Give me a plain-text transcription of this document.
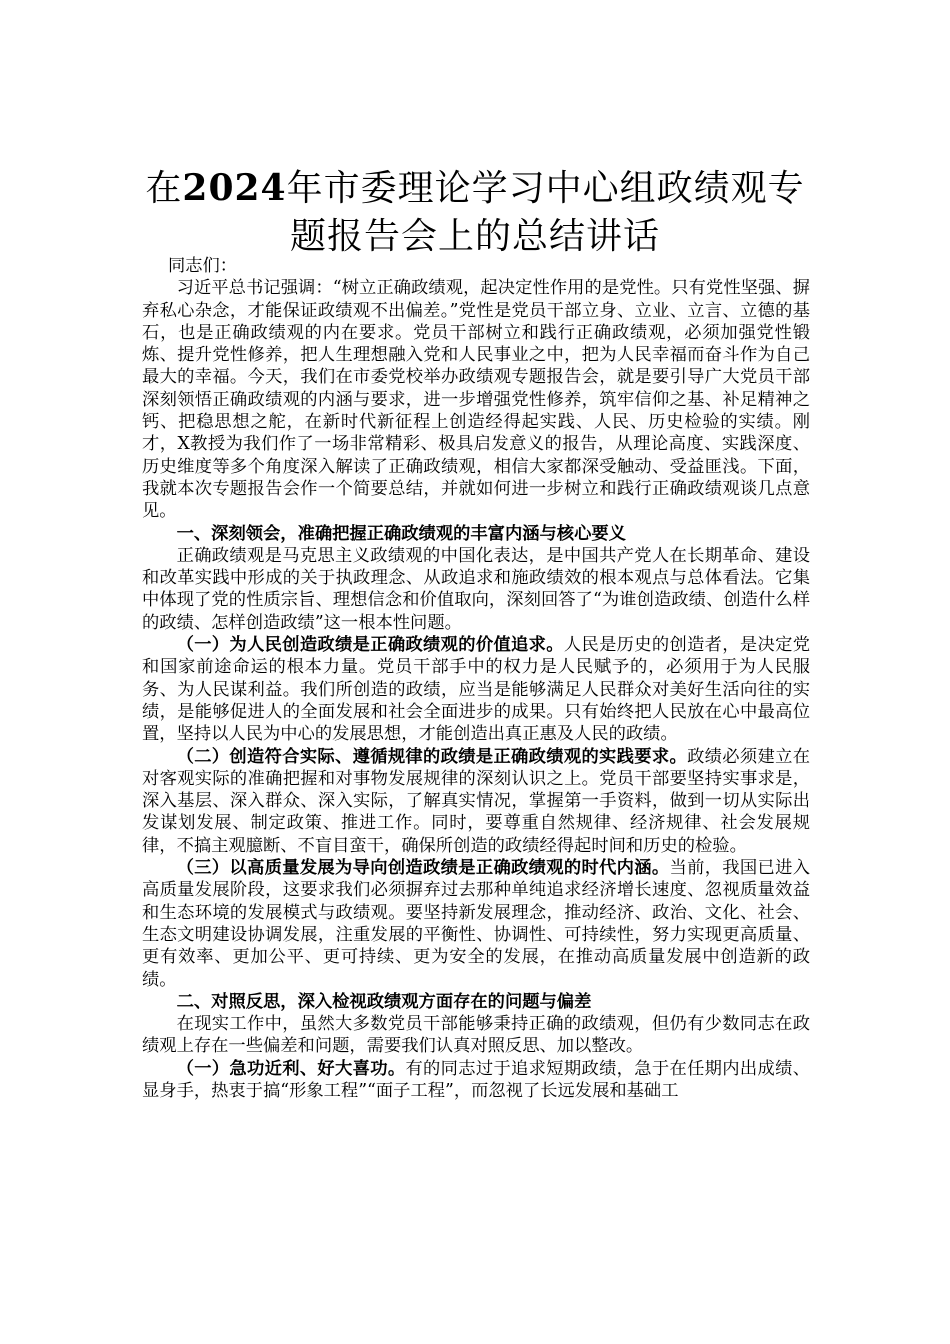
在2024年市委理论学习中心组政绩观专题报告会上的总结讲话

同志们：

习近平总书记强调：“树立正确政绩观，起决定性作用的是党性。只有党性坚强、摒弃私心杂念，才能保证政绩观不出偏差。”党性是党员干部立身、立业、立言、立德的基石，也是正确政绩观的内在要求。党员干部树立和践行正确政绩观，必须加强党性锻炼、提升党性修养，把人生理想融入党和人民事业之中，把为人民幸福而奋斗作为自己最大的幸福。今天，我们在市委党校举办政绩观专题报告会，就是要引导广大党员干部深刻领悟正确政绩观的内涵与要求，进一步增强党性修养，筑牢信仰之基、补足精神之钙、把稳思想之舵，在新时代新征程上创造经得起实践、人民、历史检验的实绩。刚才，X教授为我们作了一场非常精彩、极具启发意义的报告，从理论高度、实践深度、历史维度等多个角度深入解读了正确政绩观，相信大家都深受触动、受益匪浅。下面，我就本次专题报告会作一个简要总结，并就如何进一步树立和践行正确政绩观谈几点意见。

一、深刻领会，准确把握正确政绩观的丰富内涵与核心要义

正确政绩观是马克思主义政绩观的中国化表达，是中国共产党人在长期革命、建设和改革实践中形成的关于执政理念、从政追求和施政绩效的根本观点与总体看法。它集中体现了党的性质宗旨、理想信念和价值取向，深刻回答了“为谁创造政绩、创造什么样的政绩、怎样创造政绩”这一根本性问题。

（一）为人民创造政绩是正确政绩观的价值追求。人民是历史的创造者，是决定党和国家前途命运的根本力量。党员干部手中的权力是人民赋予的，必须用于为人民服务、为人民谋利益。我们所创造的政绩，应当是能够满足人民群众对美好生活向往的实绩，是能够促进人的全面发展和社会全面进步的成果。只有始终把人民放在心中最高位置，坚持以人民为中心的发展思想，才能创造出真正惠及人民的政绩。

（二）创造符合实际、遵循规律的政绩是正确政绩观的实践要求。政绩必须建立在对客观实际的准确把握和对事物发展规律的深刻认识之上。党员干部要坚持实事求是，深入基层、深入群众、深入实际，了解真实情况，掌握第一手资料，做到一切从实际出发谋划发展、制定政策、推进工作。同时，要尊重自然规律、经济规律、社会发展规律，不搞主观臆断、不盲目蛮干，确保所创造的政绩经得起时间和历史的检验。

（三）以高质量发展为导向创造政绩是正确政绩观的时代内涵。当前，我国已进入高质量发展阶段，这要求我们必须摒弃过去那种单纯追求经济增长速度、忽视质量效益和生态环境的发展模式与政绩观。要坚持新发展理念，推动经济、政治、文化、社会、生态文明建设协调发展，注重发展的平衡性、协调性、可持续性，努力实现更高质量、更有效率、更加公平、更可持续、更为安全的发展，在推动高质量发展中创造新的政绩。

二、对照反思，深入检视政绩观方面存在的问题与偏差

在现实工作中，虽然大多数党员干部能够秉持正确的政绩观，但仍有少数同志在政绩观上存在一些偏差和问题，需要我们认真对照反思、加以整改。

（一）急功近利、好大喜功。有的同志过于追求短期政绩，急于在任期内出成绩、显身手，热衷于搞“形象工程”“面子工程”，而忽视了长远发展和基础工
